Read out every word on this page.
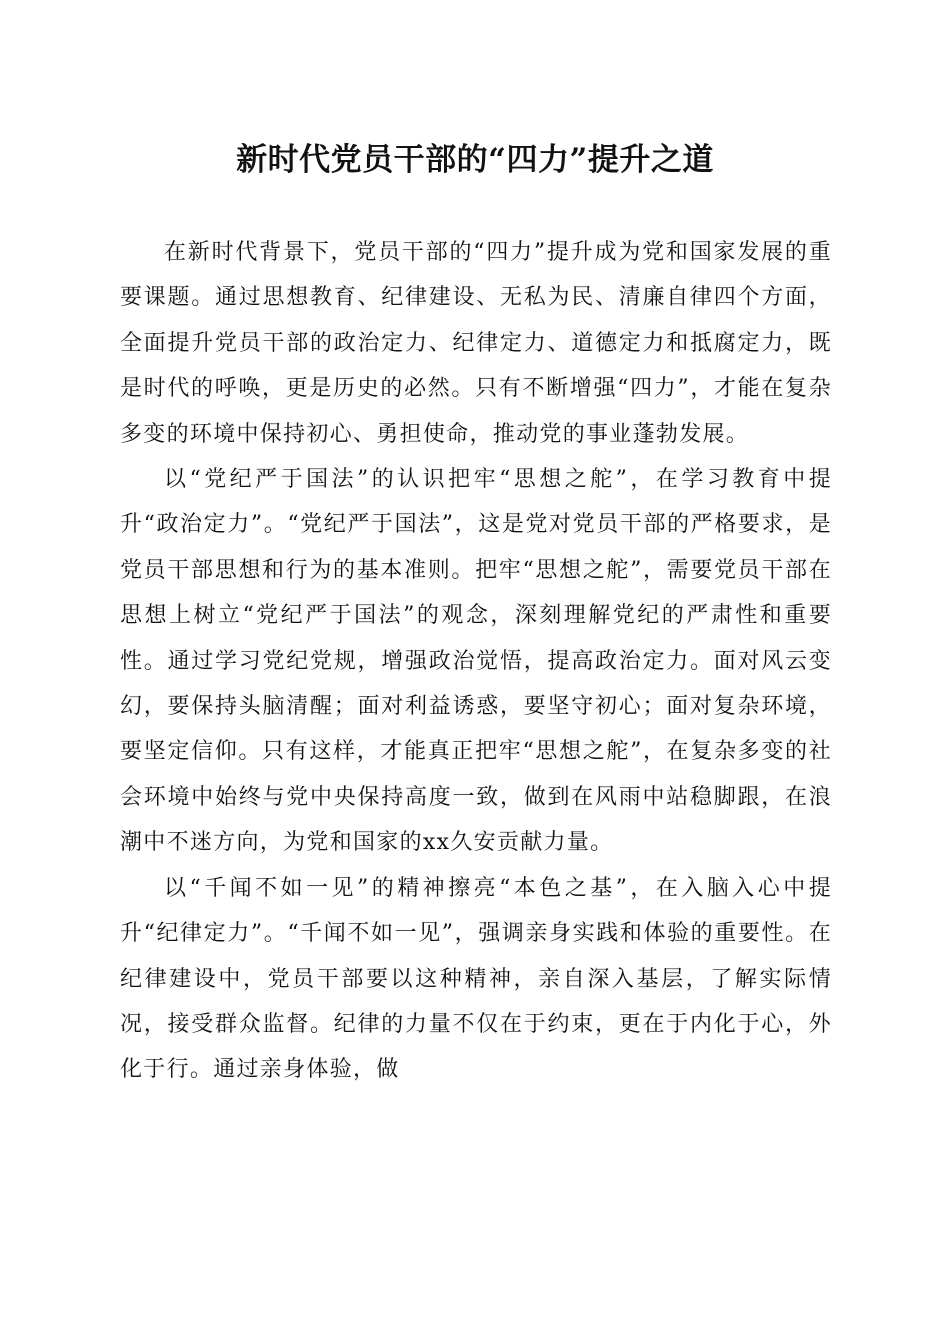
新时代党员干部的“四力”提升之道

在新时代背景下，党员干部的“四力”提升成为党和国家发展的重要课题。通过思想教育、纪律建设、无私为民、清廉自律四个方面，全面提升党员干部的政治定力、纪律定力、道德定力和抵腐定力，既是时代的呼唤，更是历史的必然。只有不断增强“四力”，才能在复杂多变的环境中保持初心、勇担使命，推动党的事业蓬勃发展。

以“党纪严于国法”的认识把牢“思想之舵”，在学习教育中提升“政治定力”。“党纪严于国法”，这是党对党员干部的严格要求，是党员干部思想和行为的基本准则。把牢“思想之舵”，需要党员干部在思想上树立“党纪严于国法”的观念，深刻理解党纪的严肃性和重要性。通过学习党纪党规，增强政治觉悟，提高政治定力。面对风云变幻，要保持头脑清醒；面对利益诱惑，要坚守初心；面对复杂环境，要坚定信仰。只有这样，才能真正把牢“思想之舵”，在复杂多变的社会环境中始终与党中央保持高度一致，做到在风雨中站稳脚跟，在浪潮中不迷方向，为党和国家的xx久安贡献力量。

以“千闻不如一见”的精神擦亮“本色之基”，在入脑入心中提升“纪律定力”。“千闻不如一见”，强调亲身实践和体验的重要性。在纪律建设中，党员干部要以这种精神，亲自深入基层，了解实际情况，接受群众监督。纪律的力量不仅在于约束，更在于内化于心，外化于行。通过亲身体验，做
